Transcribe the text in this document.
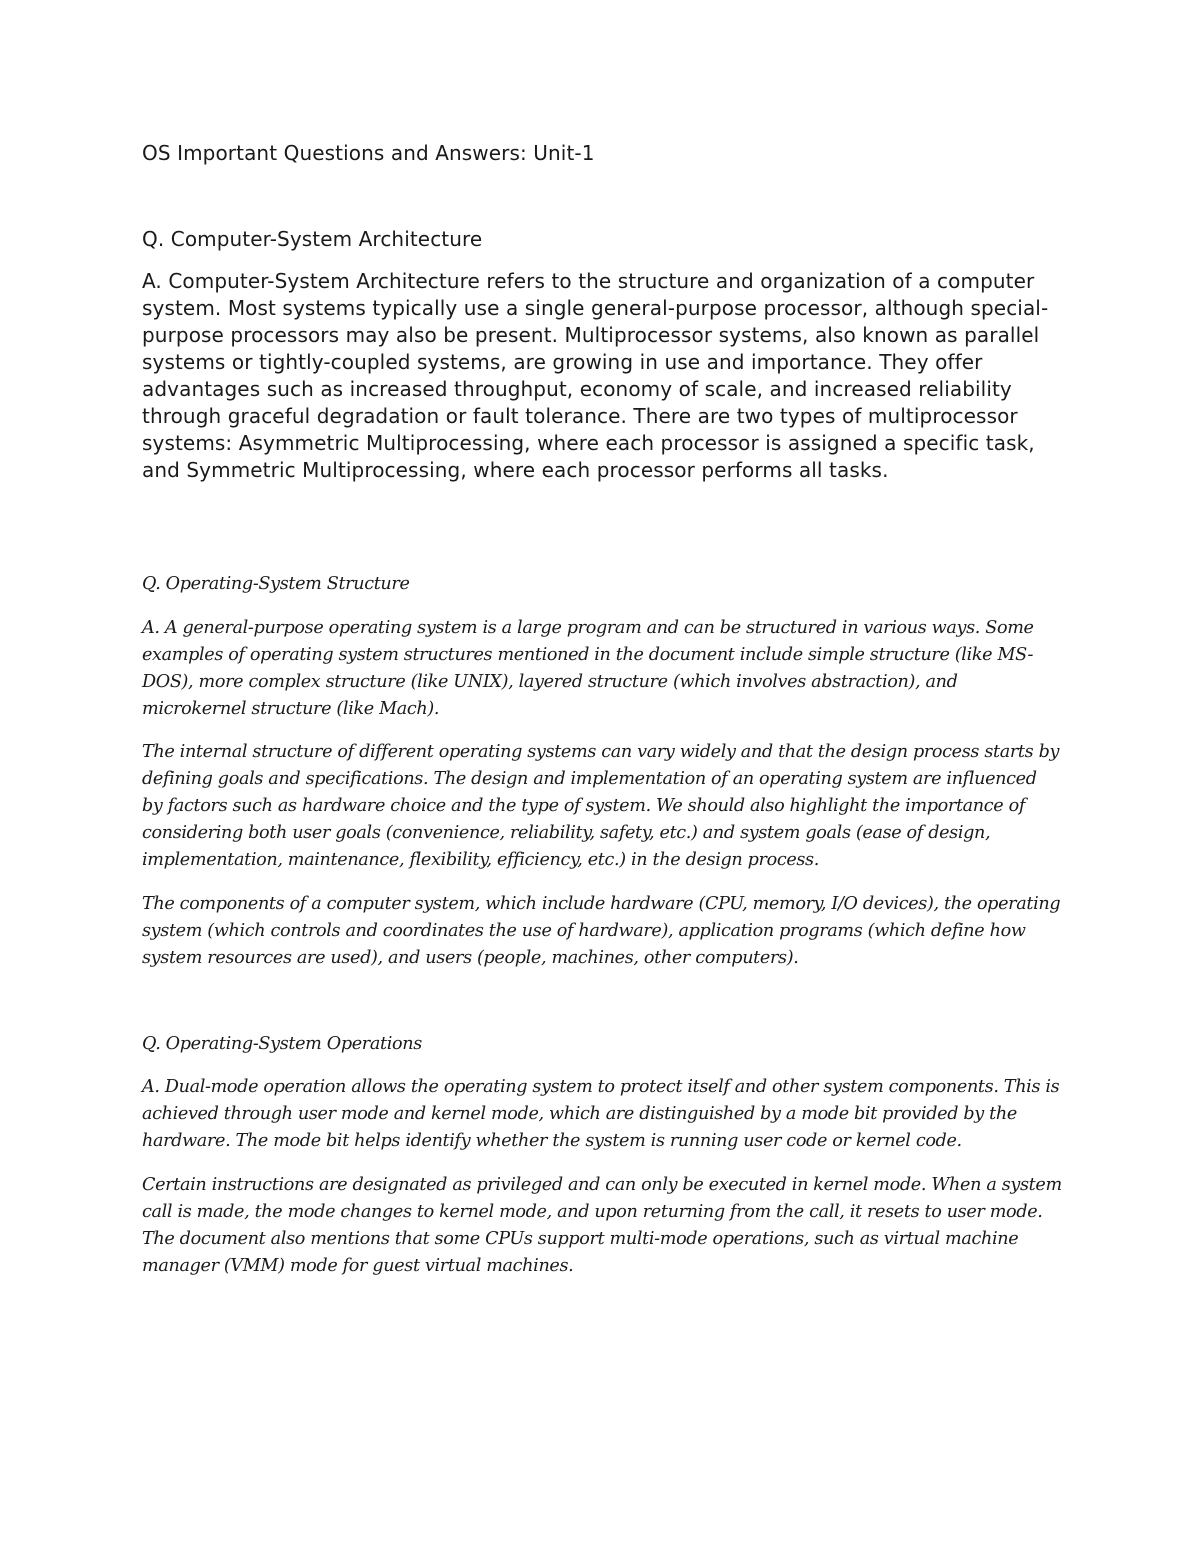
OS Important Questions and Answers: Unit-1

Q. Computer-System Architecture

A. Computer-System Architecture refers to the structure and organization of a computer system. Most systems typically use a single general-purpose processor, although special-purpose processors may also be present. Multiprocessor systems, also known as parallel systems or tightly-coupled systems, are growing in use and importance. They offer advantages such as increased throughput, economy of scale, and increased reliability through graceful degradation or fault tolerance. There are two types of multiprocessor systems: Asymmetric Multiprocessing, where each processor is assigned a specific task, and Symmetric Multiprocessing, where each processor performs all tasks.

Q. Operating-System Structure

A. A general-purpose operating system is a large program and can be structured in various ways. Some examples of operating system structures mentioned in the document include simple structure (like MS-DOS), more complex structure (like UNIX), layered structure (which involves abstraction), and microkernel structure (like Mach).

The internal structure of different operating systems can vary widely and that the design process starts by defining goals and specifications. The design and implementation of an operating system are influenced by factors such as hardware choice and the type of system. We should also highlight the importance of considering both user goals (convenience, reliability, safety, etc.) and system goals (ease of design, implementation, maintenance, flexibility, efficiency, etc.) in the design process.

The components of a computer system, which include hardware (CPU, memory, I/O devices), the operating system (which controls and coordinates the use of hardware), application programs (which define how system resources are used), and users (people, machines, other computers).

Q. Operating-System Operations

A. Dual-mode operation allows the operating system to protect itself and other system components. This is achieved through user mode and kernel mode, which are distinguished by a mode bit provided by the hardware. The mode bit helps identify whether the system is running user code or kernel code.

Certain instructions are designated as privileged and can only be executed in kernel mode. When a system call is made, the mode changes to kernel mode, and upon returning from the call, it resets to user mode. The document also mentions that some CPUs support multi-mode operations, such as virtual machine manager (VMM) mode for guest virtual machines.
